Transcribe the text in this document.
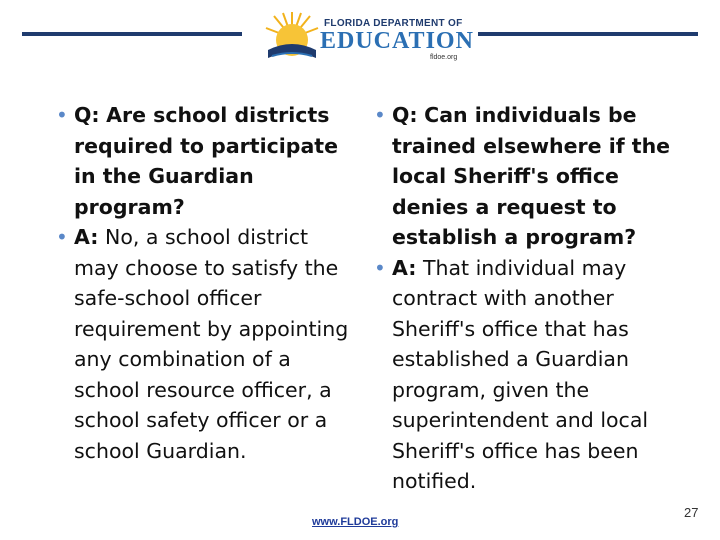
FLORIDA DEPARTMENT OF
EDUCATION
fldoe.org

• Q: Are school districts required to participate in the Guardian program?

• A: No, a school district may choose to satisfy the safe-school officer requirement by appointing any combination of a school resource officer, a school safety officer or a school Guardian.

• Q: Can individuals be trained elsewhere if the local Sheriff's office denies a request to establish a program?

• A: That individual may contract with another Sheriff's office that has established a Guardian program, given the superintendent and local Sheriff's office has been notified.

www.FLDOE.org
27
